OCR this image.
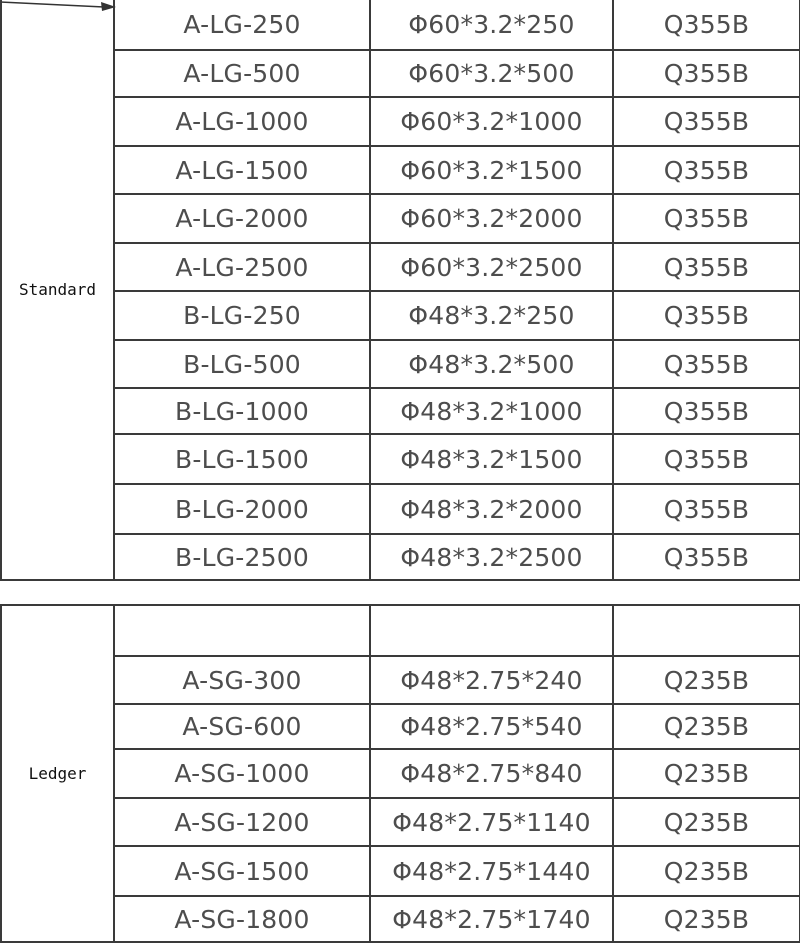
Standard	A-LG-250	Φ60*3.2*250	Q355B
	A-LG-500	Φ60*3.2*500	Q355B
	A-LG-1000	Φ60*3.2*1000	Q355B
	A-LG-1500	Φ60*3.2*1500	Q355B
	A-LG-2000	Φ60*3.2*2000	Q355B
	A-LG-2500	Φ60*3.2*2500	Q355B
	B-LG-250	Φ48*3.2*250	Q355B
	B-LG-500	Φ48*3.2*500	Q355B
	B-LG-1000	Φ48*3.2*1000	Q355B
	B-LG-1500	Φ48*3.2*1500	Q355B
	B-LG-2000	Φ48*3.2*2000	Q355B
	B-LG-2500	Φ48*3.2*2500	Q355B
Ledger			
	A-SG-300	Φ48*2.75*240	Q235B
	A-SG-600	Φ48*2.75*540	Q235B
	A-SG-1000	Φ48*2.75*840	Q235B
	A-SG-1200	Φ48*2.75*1140	Q235B
	A-SG-1500	Φ48*2.75*1440	Q235B
	A-SG-1800	Φ48*2.75*1740	Q235B
